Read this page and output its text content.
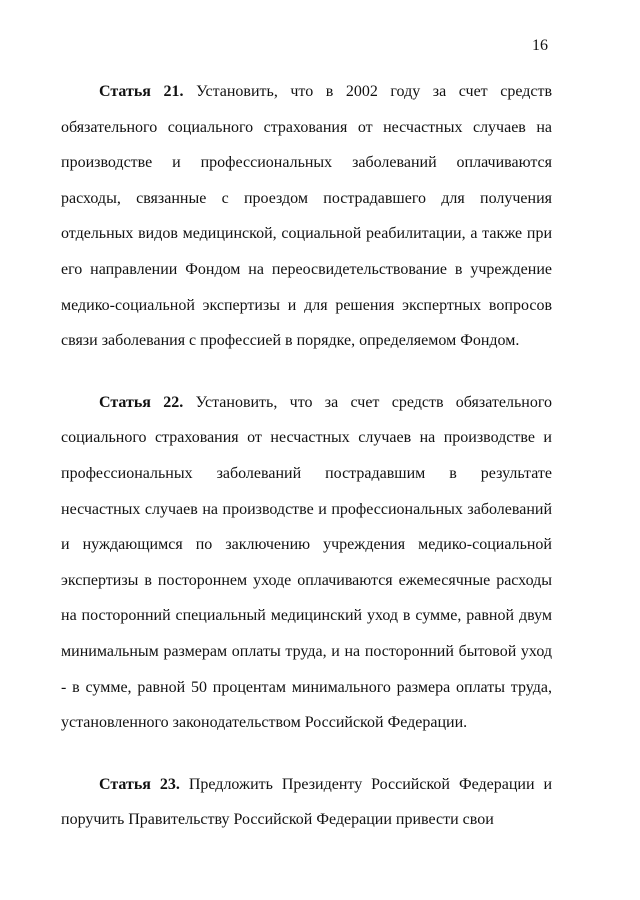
16

Статья 21. Установить, что в 2002 году за счет средств обязательного социального страхования от несчастных случаев на производстве и профессиональных заболеваний оплачиваются расходы, связанные с проездом пострадавшего для получения отдельных видов медицинской, социальной реабилитации, а также при его направлении Фондом на переосвидетельствование в учреждение медико-социальной экспертизы и для решения экспертных вопросов связи заболевания с профессией в порядке, определяемом Фондом.

Статья 22. Установить, что за счет средств обязательного социального страхования от несчастных случаев на производстве и профессиональных заболеваний пострадавшим в результате несчастных случаев на производстве и профессиональных заболеваний и нуждающимся по заключению учреждения медико-социальной экспертизы в постороннем уходе оплачиваются ежемесячные расходы на посторонний специальный медицинский уход в сумме, равной двум минимальным размерам оплаты труда, и на посторонний бытовой уход - в сумме, равной 50 процентам минимального размера оплаты труда, установленного законодательством Российской Федерации.

Статья 23. Предложить Президенту Российской Федерации и поручить Правительству Российской Федерации привести свои
